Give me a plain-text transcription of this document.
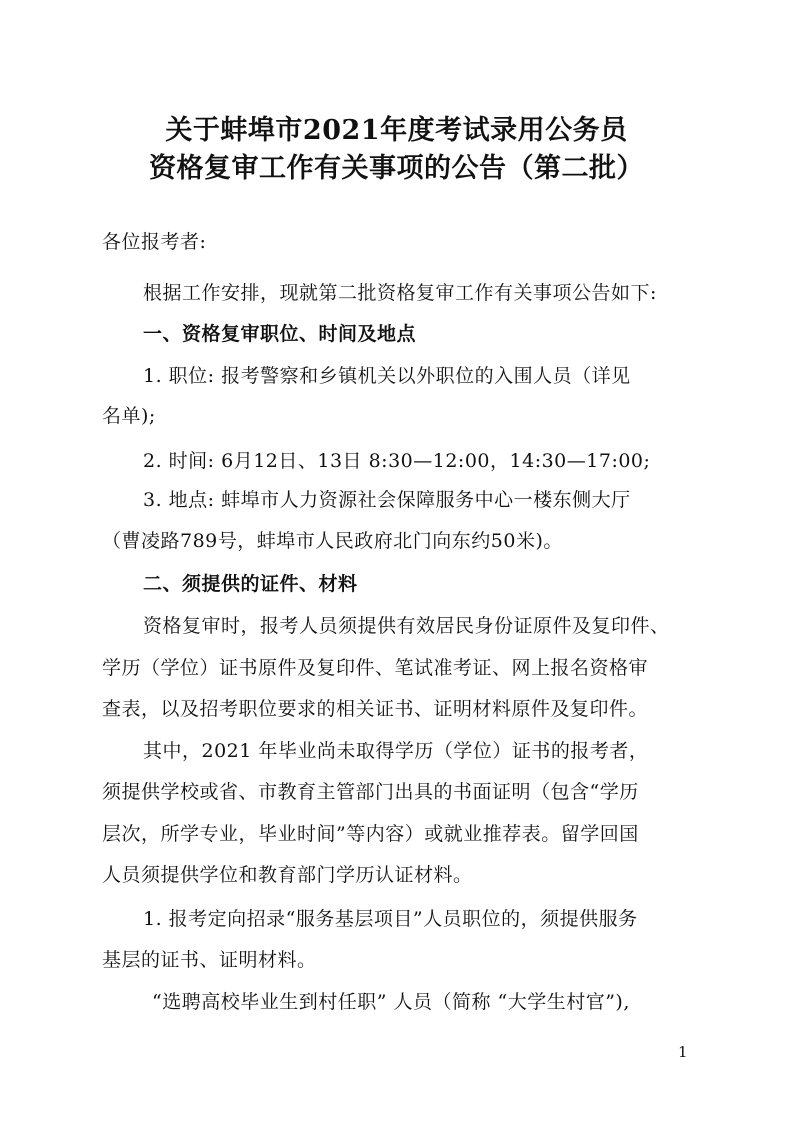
关于蚌埠市2021年度考试录用公务员
资格复审工作有关事项的公告（第二批）
各位报考者:
根据工作安排，现就第二批资格复审工作有关事项公告如下:
一、资格复审职位、时间及地点
1. 职位: 报考警察和乡镇机关以外职位的入围人员（详见
名单);
2. 时间: 6月12日、13日 8:30—12:00，14:30—17:00;
3. 地点: 蚌埠市人力资源社会保障服务中心一楼东侧大厅
（曹凌路789号，蚌埠市人民政府北门向东约50米)。
二、须提供的证件、材料
资格复审时，报考人员须提供有效居民身份证原件及复印件、
学历（学位）证书原件及复印件、笔试准考证、网上报名资格审
查表，以及招考职位要求的相关证书、证明材料原件及复印件。
其中，2021 年毕业尚未取得学历（学位）证书的报考者，
须提供学校或省、市教育主管部门出具的书面证明（包含“学历
层次，所学专业，毕业时间”等内容）或就业推荐表。留学回国
人员须提供学位和教育部门学历认证材料。
1. 报考定向招录“服务基层项目”人员职位的，须提供服务
基层的证书、证明材料。
“选聘高校毕业生到村任职” 人员（简称 “大学生村官”),
1
